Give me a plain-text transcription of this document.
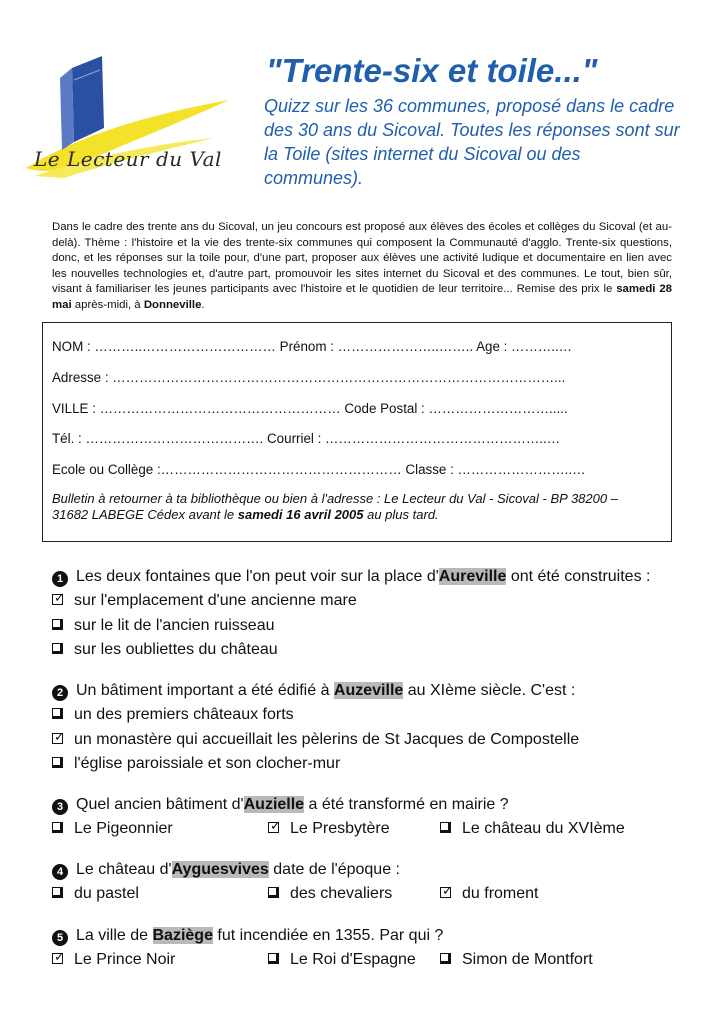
Le Lecteur du Val
"Trente-six et toile..."
Quizz sur les 36 communes, proposé dans le cadre des 30 ans du Sicoval. Toutes les réponses sont sur la Toile (sites internet du Sicoval ou des communes).
Dans le cadre des trente ans du Sicoval, un jeu concours est proposé aux élèves des écoles et collèges du Sicoval (et au-delà). Thème : l'histoire et la vie des trente-six communes qui composent la Communauté d'agglo. Trente-six questions, donc, et les réponses sur la toile pour, d'une part, proposer aux élèves une activité ludique et documentaire en lien avec les nouvelles technologies et, d'autre part, promouvoir les sites internet du Sicoval et des communes. Le tout, bien sûr, visant à familiariser les jeunes participants avec l'histoire et le quotidien de leur territoire... Remise des prix le samedi 28 mai après-midi, à Donneville.
NOM : ………..………………………… Prénom : …………………..…….. Age : ………..…
Adresse : ………………………………………………………………………………………...
VILLE : ……………………………………………… Code Postal : ……………………….....
Tél. : …………………………………. Courriel : …………………………………………..…
Ecole ou Collège :……………………………………………… Classe : ……………………..…
Bulletin à retourner à ta bibliothèque ou bien à l'adresse : Le Lecteur du Val - Sicoval - BP 38200 – 31682 LABEGE Cédex avant le samedi 16 avril 2005 au plus tard.
1 Les deux fontaines que l'on peut voir sur la place d'Aureville ont été construites :
✓ sur l'emplacement d'une ancienne mare
sur le lit de l'ancien ruisseau
sur les oubliettes du château
2 Un bâtiment important a été édifié à Auzeville au XIème siècle. C'est :
un des premiers châteaux forts
✓ un monastère qui accueillait les pèlerins de St Jacques de Compostelle
l'église paroissiale et son clocher-mur
3 Quel ancien bâtiment d'Auzielle a été transformé en mairie ?
Le Pigeonnier	✓ Le Presbytère	Le château du XVIème
4 Le château d'Ayguesvives date de l'époque :
du pastel	des chevaliers	✓ du froment
5 La ville de Baziège fut incendiée en 1355. Par qui ?
✓ Le Prince Noir	Le Roi d'Espagne	Simon de Montfort
